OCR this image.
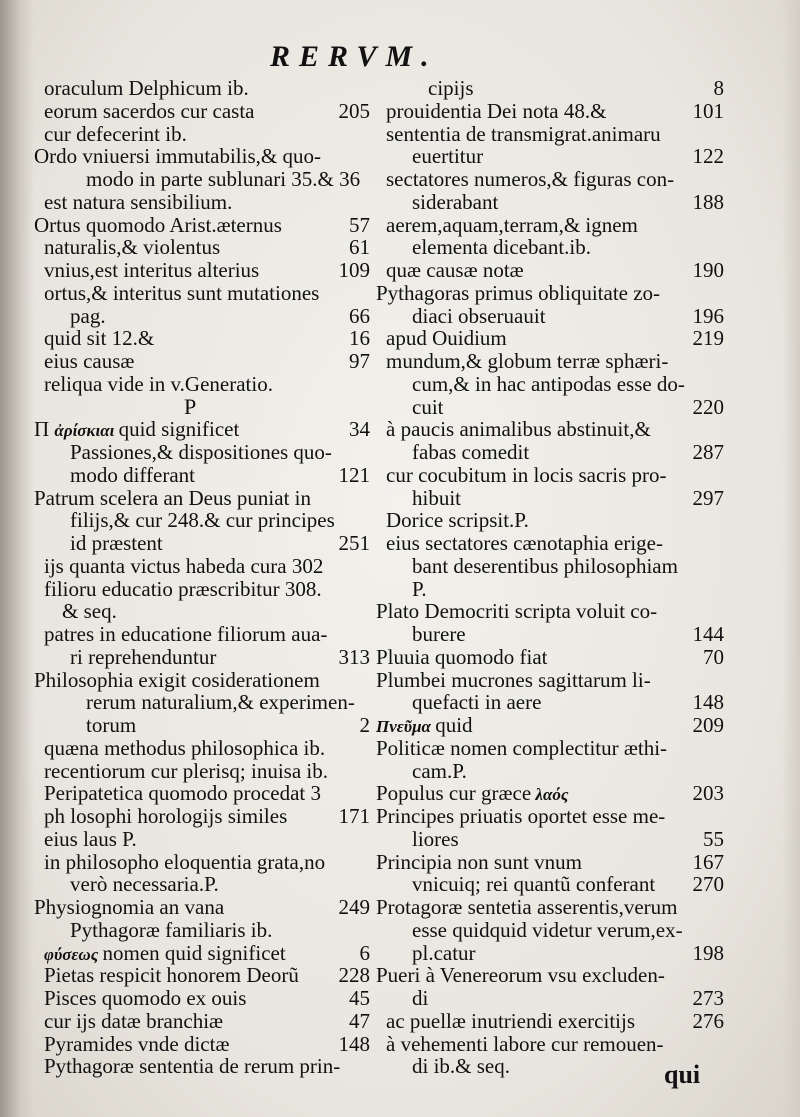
RERVM.
oraculum Delphicum ib.
eorum sacerdos cur casta	205
cur defecerint ib.
Ordo vniuersi immutabilis,& quo-
modo in parte sublunari 35.& 36
est natura sensibilium.
Ortus quomodo Arist.æternus	57
naturalis,& violentus	61
vnius,est interitus alterius	109
ortus,& interitus sunt mutationes
pag.	66
quid sit 12.&	16
eius causæ	97
reliqua vide in v.Generatio.
P
Π ἀρίσκιαι quid significet	34
Passiones,& dispositiones quo-
modo differant	121
Patrum scelera an Deus puniat in
filijs,& cur 248.& cur principes
id præstent	251
ijs quanta victus habeda cura 302
filioru educatio præscribitur 308.
& seq.
patres in educatione filiorum aua-
ri reprehenduntur	313
Philosophia exigit cosiderationem
rerum naturalium,& experimen-
torum	2
quæna methodus philosophica ib.
recentiorum cur plerisq; inuisa ib.
Peripatetica quomodo procedat 3
ph losophi horologijs similes 171
eius laus P.
in philosopho eloquentia grata,no
verò necessaria.P.
Physiognomia an vana	249
Pythagoræ familiaris ib.
φύσεως nomen quid significet	6
Pietas respicit honorem Deorũ 228
Pisces quomodo ex ouis	45
cur ijs datæ branchiæ	47
Pyramides vnde dictæ	148
Pythagoræ sententia de rerum prin-
cipijs	8
prouidentia Dei nota 48.&	101
sententia de transmigrat.animaru
euertitur	122
sectatores numeros,& figuras con-
siderabant	188
aerem,aquam,terram,& ignem
elementa dicebant.ib.
quæ causæ notæ	190
Pythagoras primus obliquitate zo-
diaci obseruauit	196
apud Ouidium	219
mundum,& globum terræ sphæri-
cum,& in hac antipodas esse do-
cuit	220
à paucis animalibus abstinuit,&
fabas comedit	287
cur cocubitum in locis sacris pro-
hibuit	297
Dorice scripsit.P.
eius sectatores cænotaphia erige-
bant deserentibus philosophiam
P.
Plato Democriti scripta voluit co-
burere	144
Pluuia quomodo fiat	70
Plumbei mucrones sagittarum li-
quefacti in aere	148
Πνεῦμα quid	209
Politicæ nomen complectitur æthi-
cam.P.
Populus cur græce λαός	203
Principes priuatis oportet esse me-
liores	55
Principia non sunt vnum	167
vnicuiq; rei quantũ conferant 270
Protagoræ sentetia asserentis,verum
esse quidquid videtur verum,ex-
pl.catur	198
Pueri à Venereorum vsu excluden-
di	273
ac puellæ inutriendi exercitijs	276
à vehementi labore cur remouen-
di ib.& seq.	qui
